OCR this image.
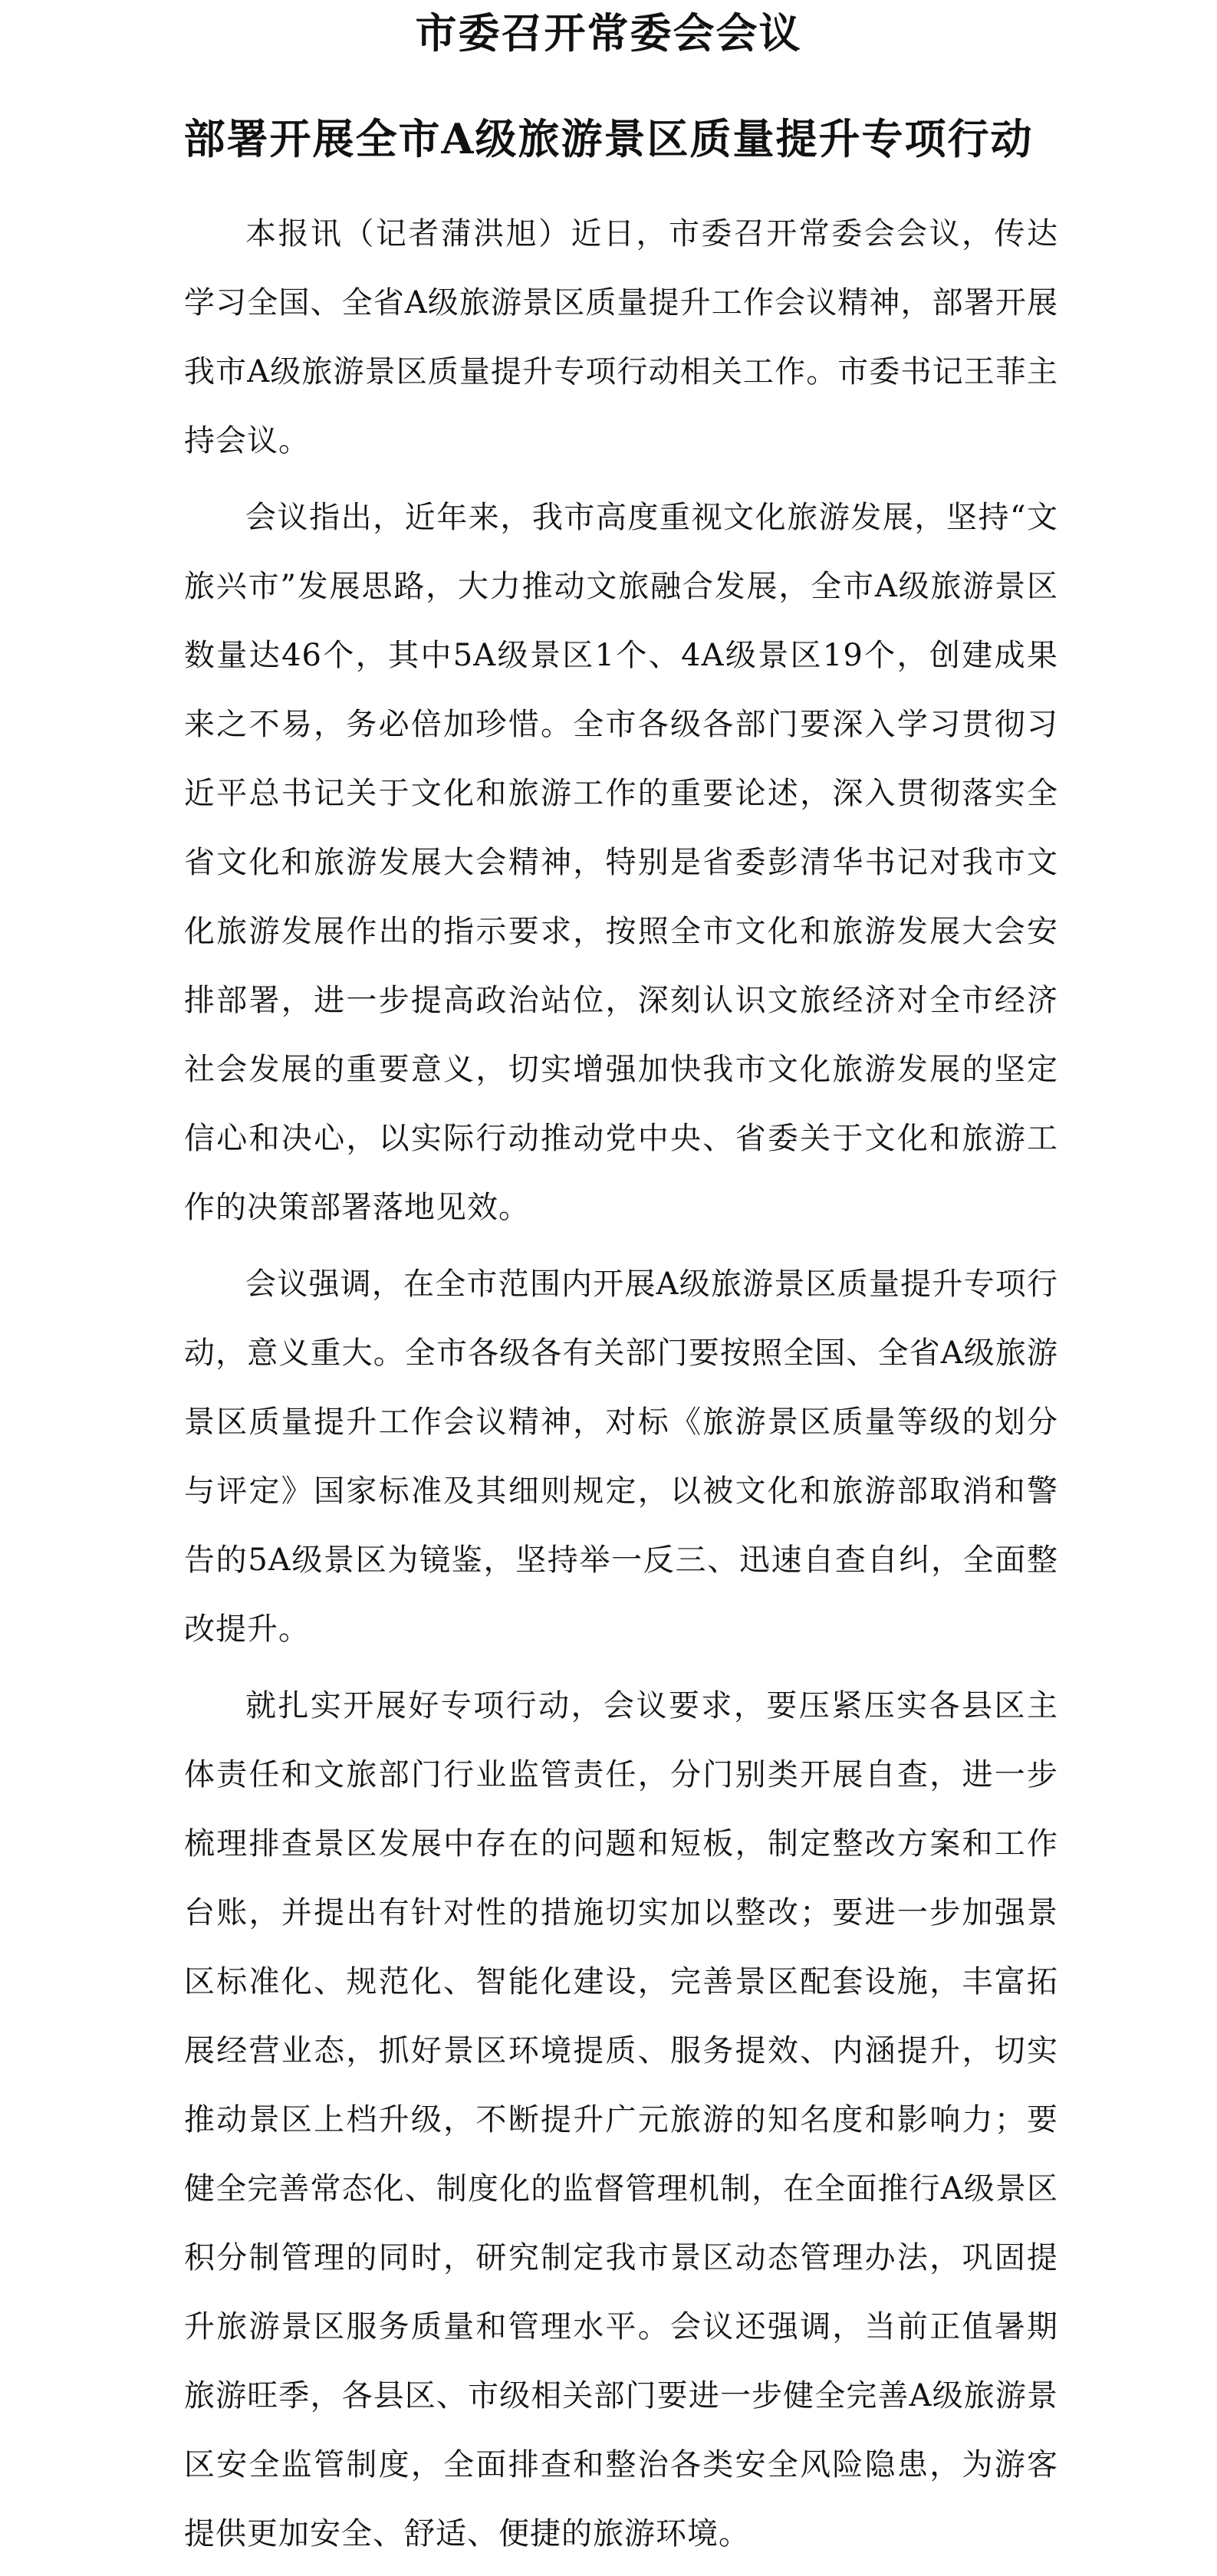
市委召开常委会会议
部署开展全市A级旅游景区质量提升专项行动

本报讯（记者蒲洪旭）近日，市委召开常委会会议，传达学习全国、全省A级旅游景区质量提升工作会议精神，部署开展我市A级旅游景区质量提升专项行动相关工作。市委书记王菲主持会议。

会议指出，近年来，我市高度重视文化旅游发展，坚持“文旅兴市”发展思路，大力推动文旅融合发展，全市A级旅游景区数量达46个，其中5A级景区1个、4A级景区19个，创建成果来之不易，务必倍加珍惜。全市各级各部门要深入学习贯彻习近平总书记关于文化和旅游工作的重要论述，深入贯彻落实全省文化和旅游发展大会精神，特别是省委彭清华书记对我市文化旅游发展作出的指示要求，按照全市文化和旅游发展大会安排部署，进一步提高政治站位，深刻认识文旅经济对全市经济社会发展的重要意义，切实增强加快我市文化旅游发展的坚定信心和决心，以实际行动推动党中央、省委关于文化和旅游工作的决策部署落地见效。

会议强调，在全市范围内开展A级旅游景区质量提升专项行动，意义重大。全市各级各有关部门要按照全国、全省A级旅游景区质量提升工作会议精神，对标《旅游景区质量等级的划分与评定》国家标准及其细则规定，以被文化和旅游部取消和警告的5A级景区为镜鉴，坚持举一反三、迅速自查自纠，全面整改提升。

就扎实开展好专项行动，会议要求，要压紧压实各县区主体责任和文旅部门行业监管责任，分门别类开展自查，进一步梳理排查景区发展中存在的问题和短板，制定整改方案和工作台账，并提出有针对性的措施切实加以整改；要进一步加强景区标准化、规范化、智能化建设，完善景区配套设施，丰富拓展经营业态，抓好景区环境提质、服务提效、内涵提升，切实推动景区上档升级，不断提升广元旅游的知名度和影响力；要健全完善常态化、制度化的监督管理机制，在全面推行A级景区积分制管理的同时，研究制定我市景区动态管理办法，巩固提升旅游景区服务质量和管理水平。会议还强调，当前正值暑期旅游旺季，各县区、市级相关部门要进一步健全完善A级旅游景区安全监管制度，全面排查和整治各类安全风险隐患，为游客提供更加安全、舒适、便捷的旅游环境。
